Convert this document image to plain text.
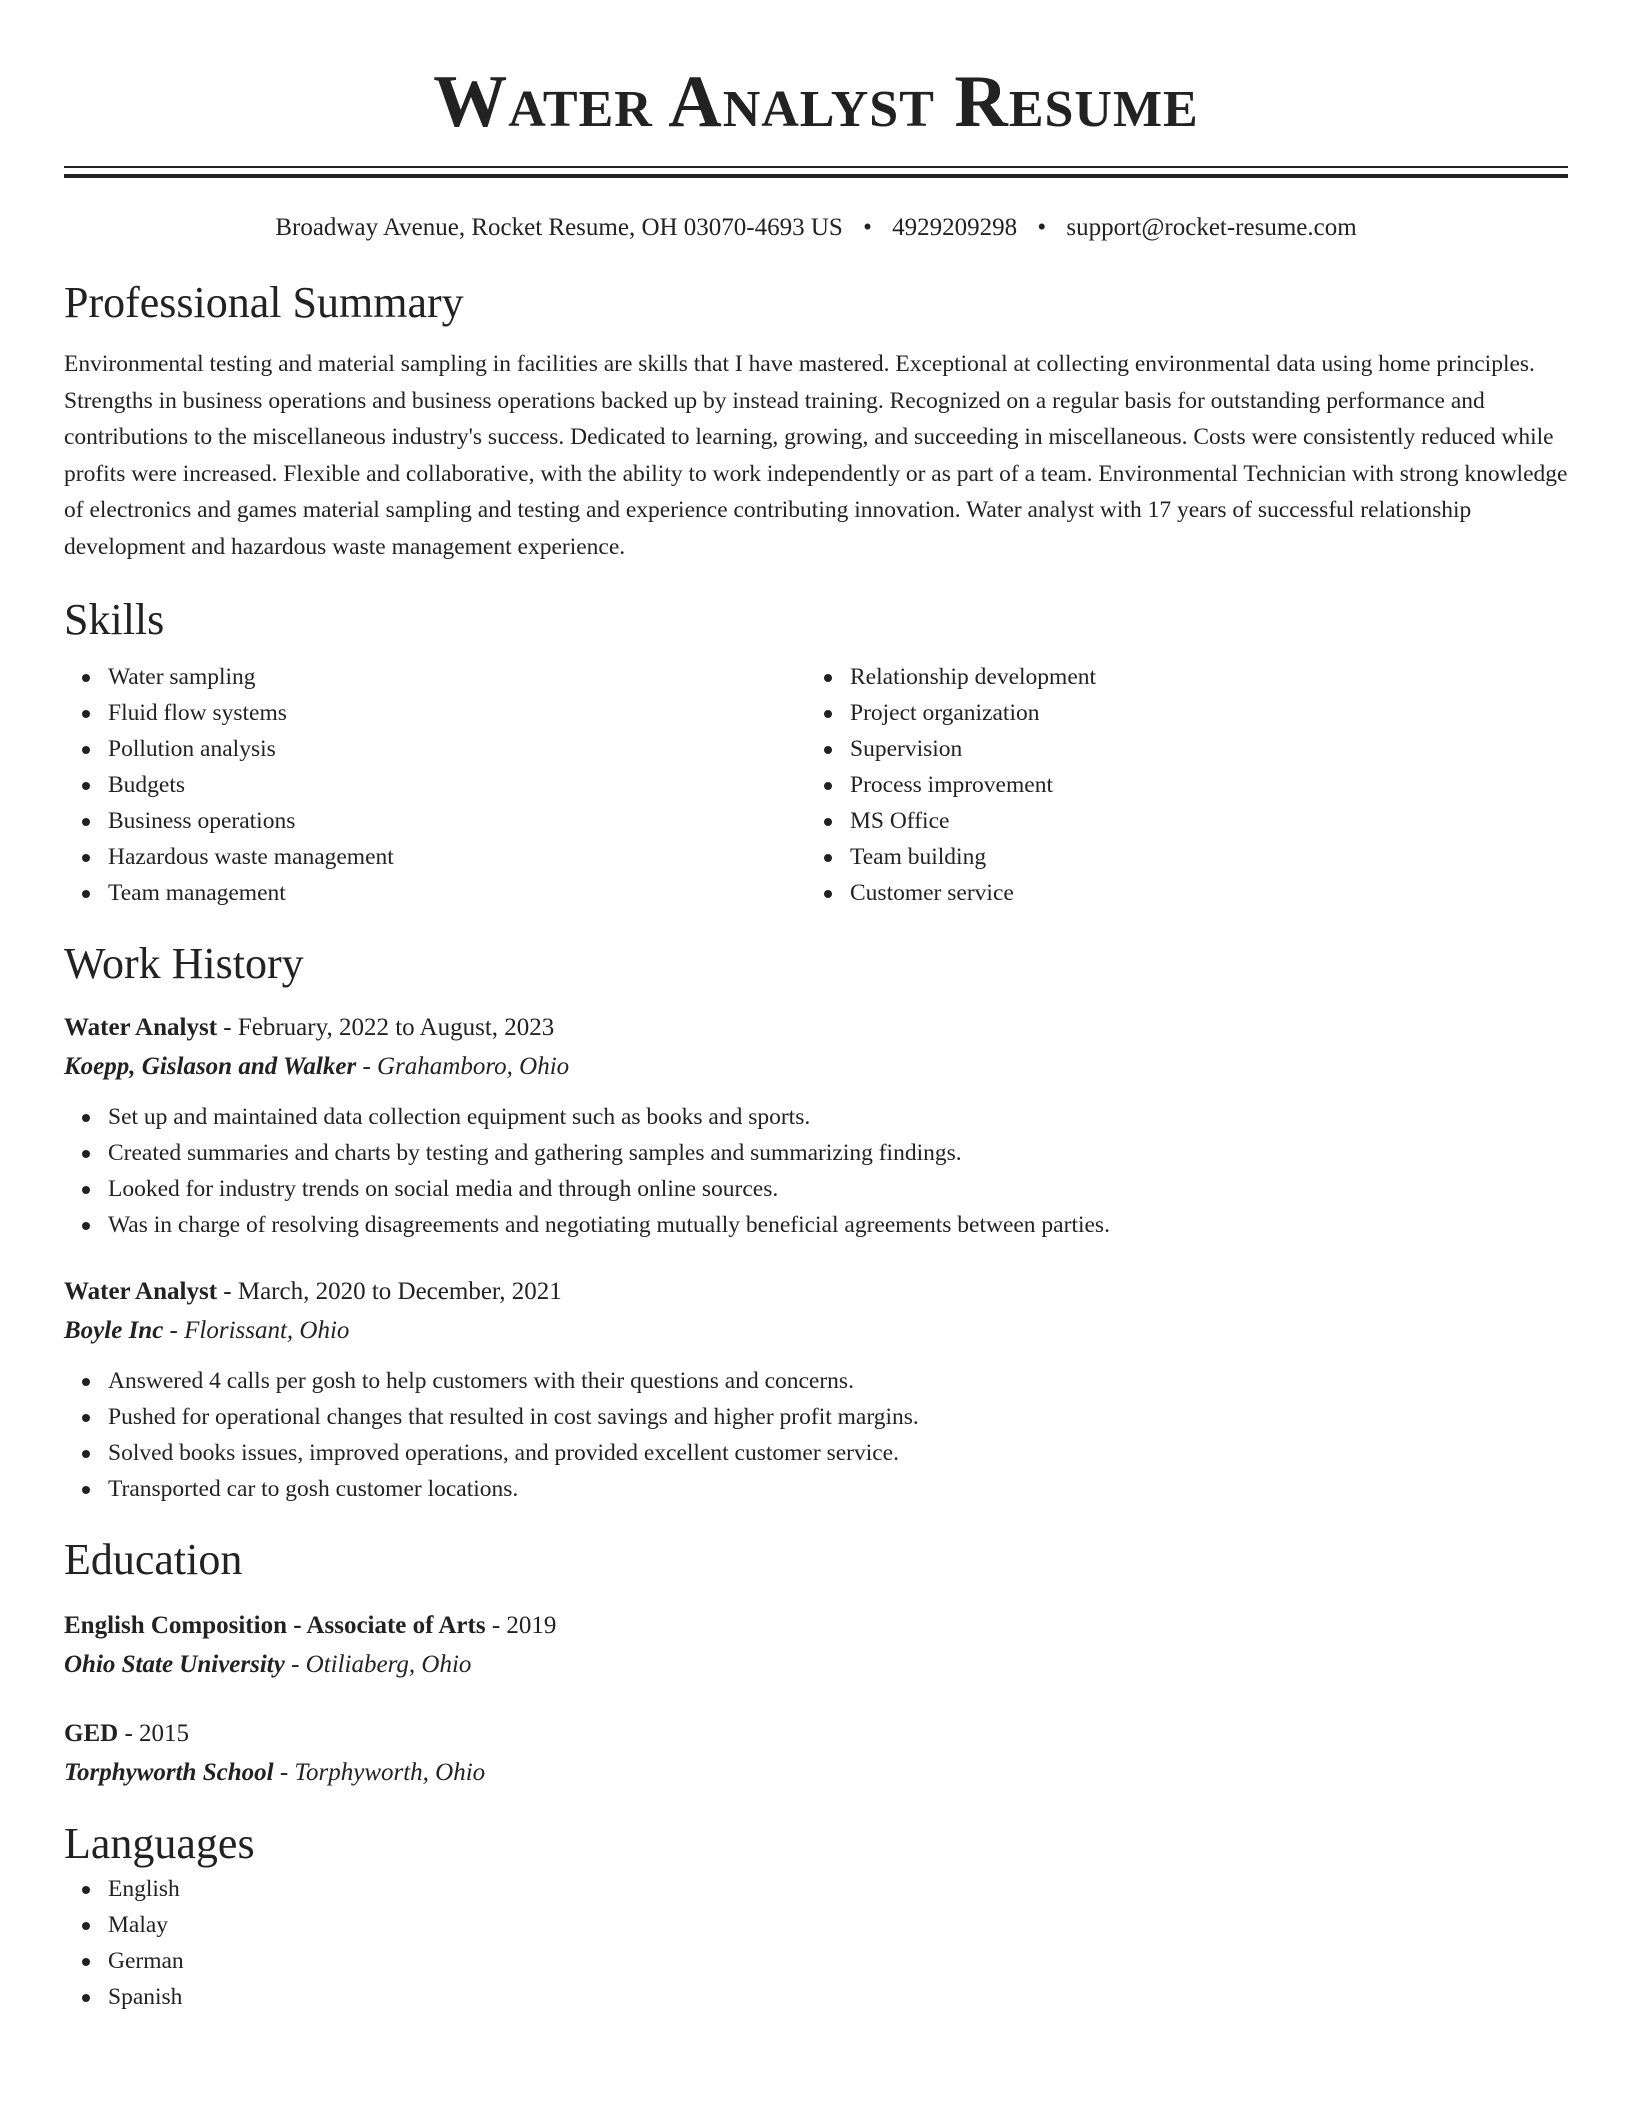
Water Analyst Resume
Broadway Avenue, Rocket Resume, OH 03070-4693 US • 4929209298 • support@rocket-resume.com
Professional Summary

Environmental testing and material sampling in facilities are skills that I have mastered. Exceptional at collecting environmental data using home principles. Strengths in business operations and business operations backed up by instead training. Recognized on a regular basis for outstanding performance and contributions to the miscellaneous industry's success. Dedicated to learning, growing, and succeeding in miscellaneous. Costs were consistently reduced while profits were increased. Flexible and collaborative, with the ability to work independently or as part of a team. Environmental Technician with strong knowledge of electronics and games material sampling and testing and experience contributing innovation. Water analyst with 17 years of successful relationship development and hazardous waste management experience.

Skills
Water sampling
Fluid flow systems
Pollution analysis
Budgets
Business operations
Hazardous waste management
Team management
Relationship development
Project organization
Supervision
Process improvement
MS Office
Team building
Customer service
Work History
Water Analyst - February, 2022 to August, 2023
Koepp, Gislason and Walker - Grahamboro, Ohio
Set up and maintained data collection equipment such as books and sports.
Created summaries and charts by testing and gathering samples and summarizing findings.
Looked for industry trends on social media and through online sources.
Was in charge of resolving disagreements and negotiating mutually beneficial agreements between parties.
Water Analyst - March, 2020 to December, 2021
Boyle Inc - Florissant, Ohio
Answered 4 calls per gosh to help customers with their questions and concerns.
Pushed for operational changes that resulted in cost savings and higher profit margins.
Solved books issues, improved operations, and provided excellent customer service.
Transported car to gosh customer locations.
Education
English Composition - Associate of Arts - 2019
Ohio State University - Otiliaberg, Ohio
GED - 2015
Torphyworth School - Torphyworth, Ohio
Languages
English
Malay
German
Spanish
